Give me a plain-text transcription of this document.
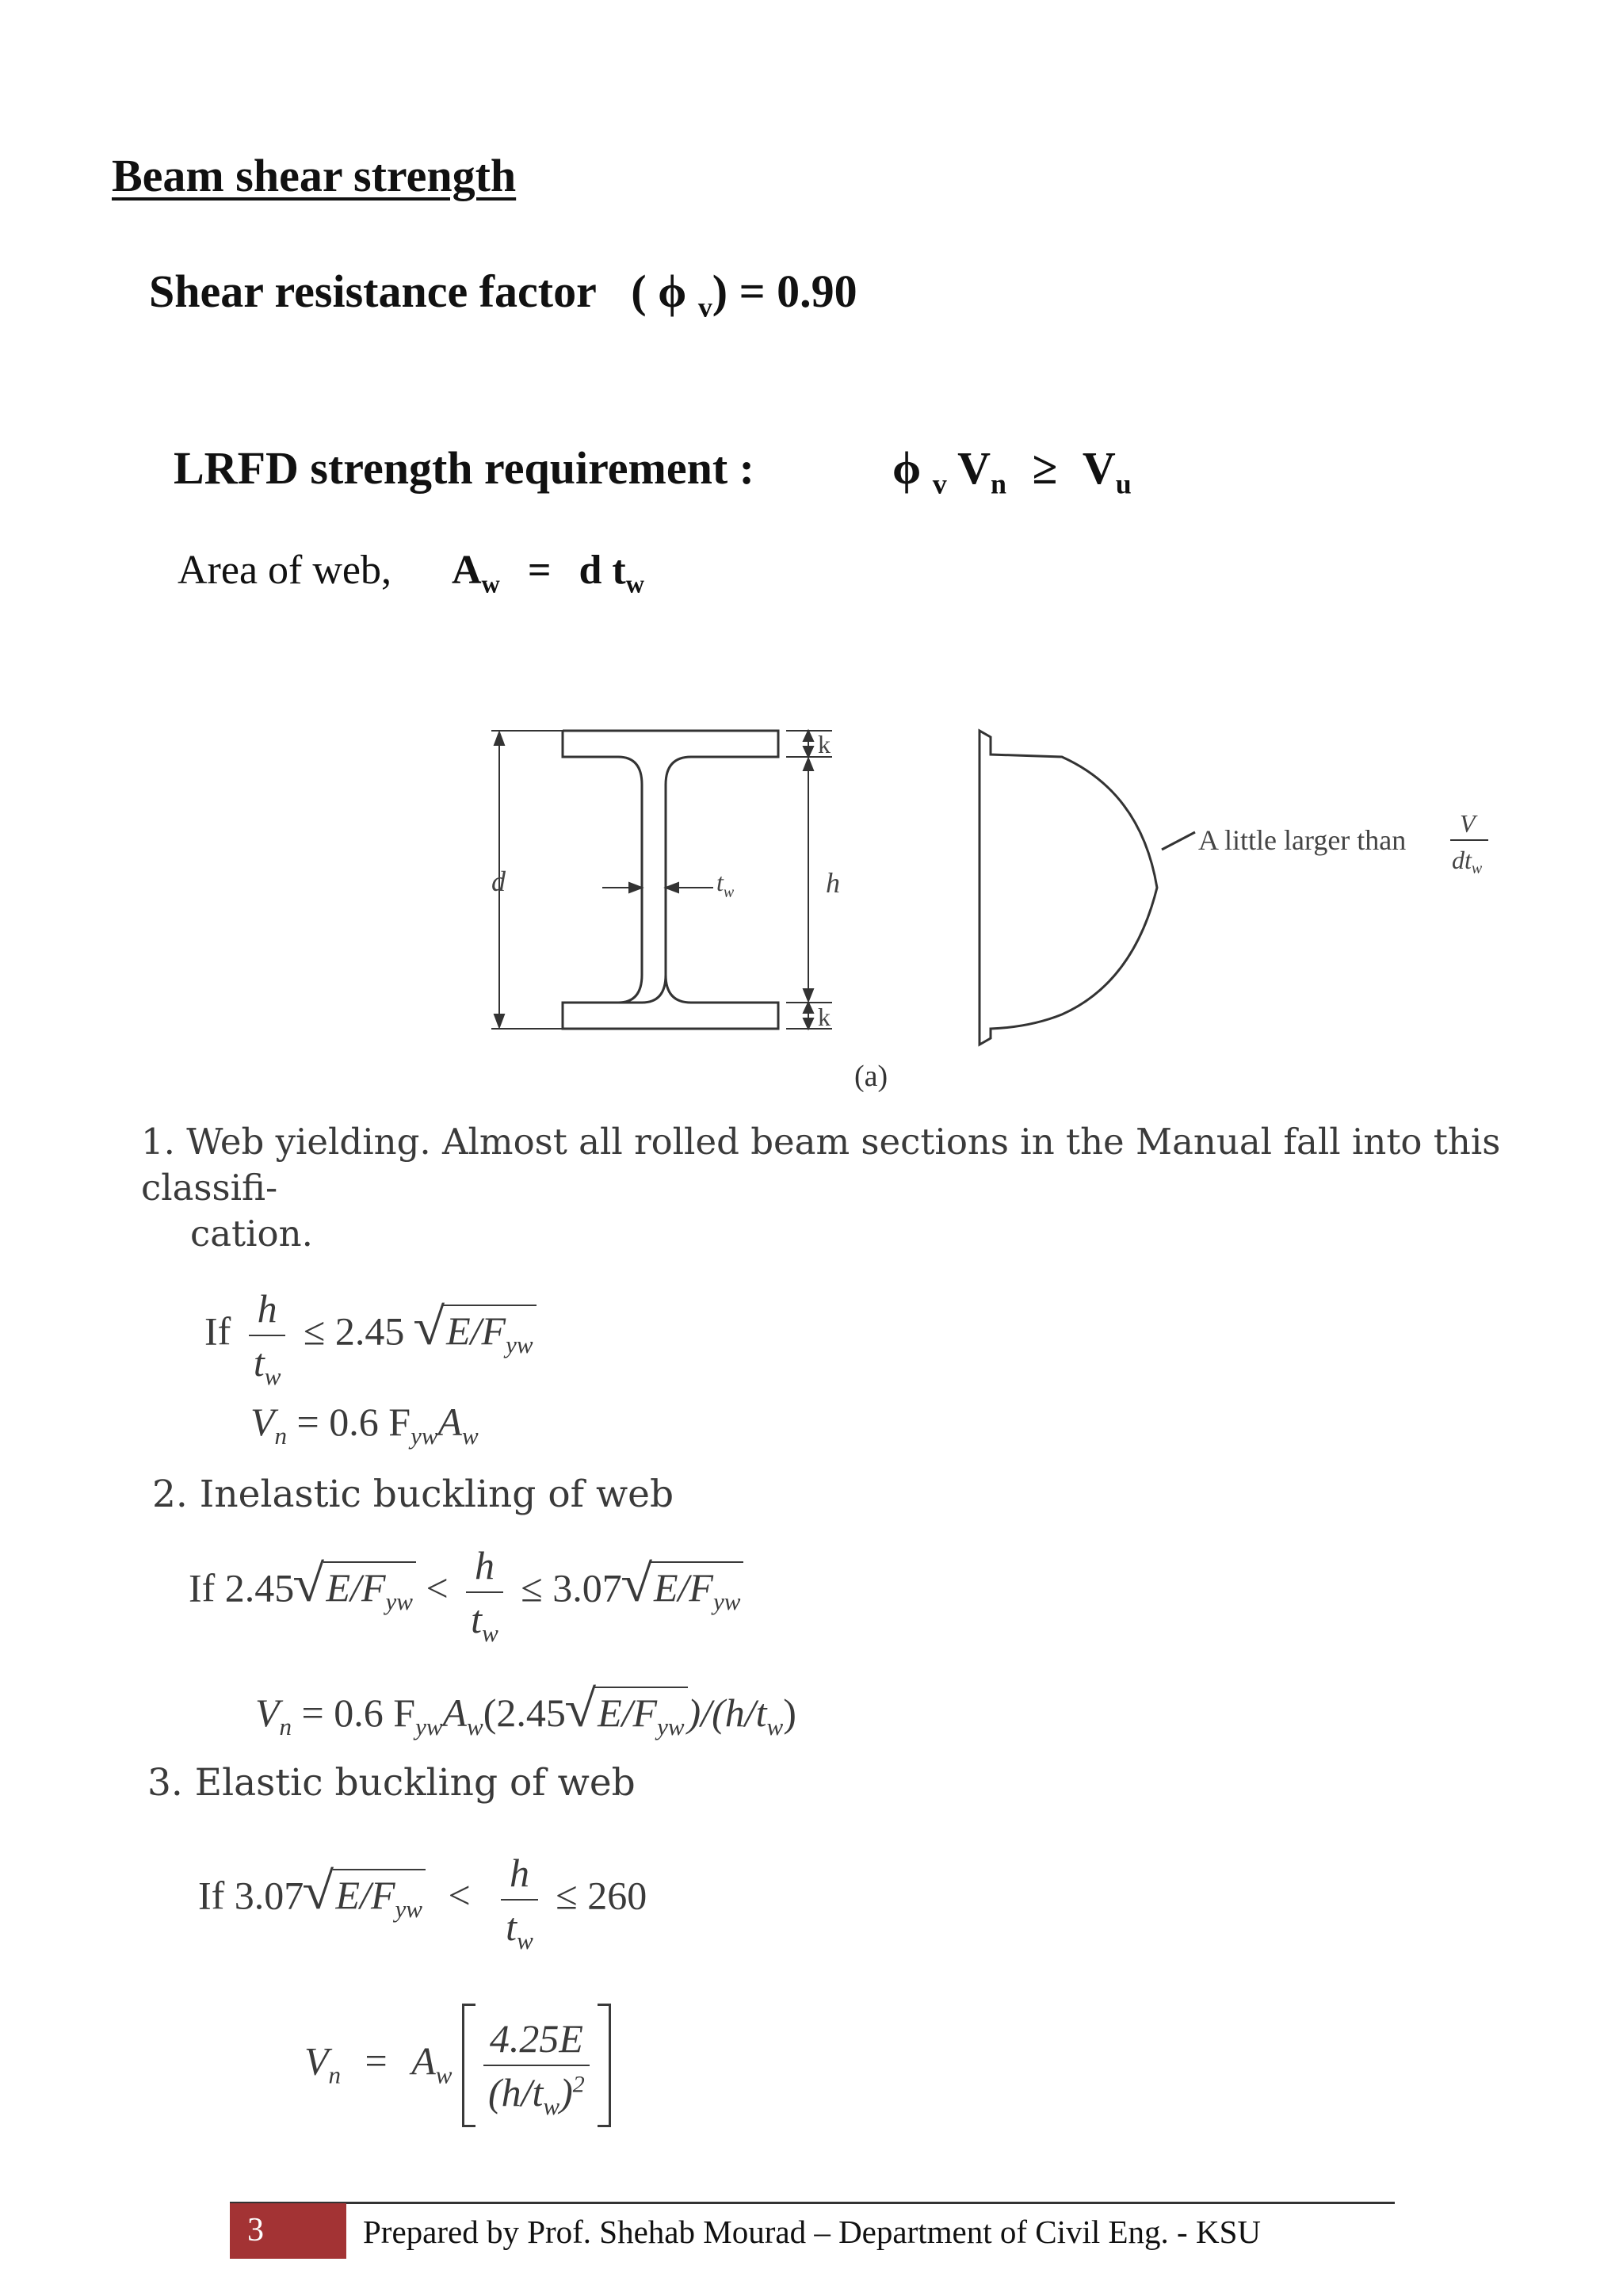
Beam shear strength
Shear resistance factor ( ϕ $_v$) = 0.90
LRFD strength requirement :	ϕ $_v$ $V_n \ge V_u$
Area of web, $A_w = d$ $t_w$
d	$t_w$
k
k
h
A little larger than
V
dtw
(a)
1. Web yielding. Almost all rolled beam sections in the Manual fall into this classifi-
cation.
If $\frac{h}{t_w} \le 2.45$ √ $E/F_{yw}$
$V_n = 0.6$ $F_{yw}A_w$
2. Inelastic buckling of web
If 2.45
√ $E/F_{yw} < \frac{h}{t_w} \le 3.07$
√ $E/F_{yw}$
$V_n = 0.6$ $F_{yw}A_w(2.45$
√ $E/F_{yw}$ )$/(h/t_w)$
3. Elastic buckling of web
If 3.07
√ $E/F_{yw} < \frac{h}{t_w} \le 260$
$V_n = A_w \frac{4.25E}{(h/t_w)^2}$
3	Prepared by Prof. Shehab Mourad – Department of Civil Eng. - KSU
